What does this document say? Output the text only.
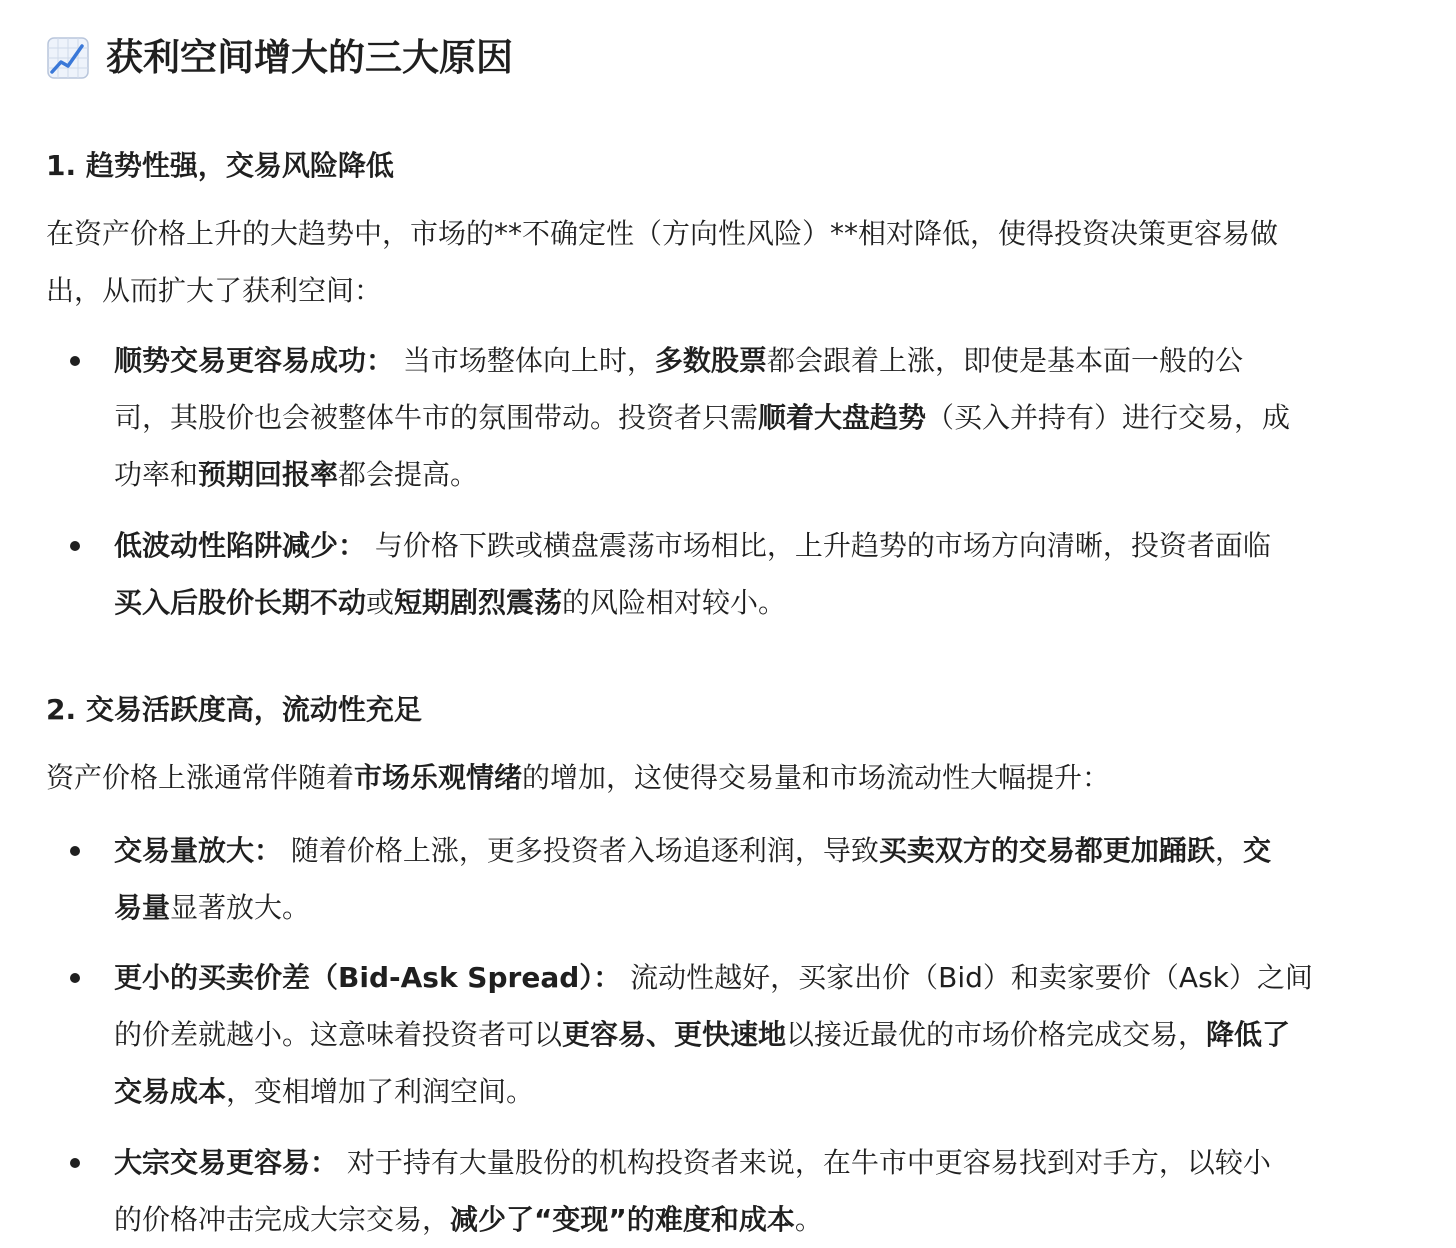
获利空间增大的三大原因
1. 趋势性强，交易风险降低
在资产价格上升的大趋势中，市场的**不确定性（方向性风险）**相对降低，使得投资决策更容易做
出，从而扩大了获利空间：
顺势交易更容易成功： 当市场整体向上时，多数股票都会跟着上涨，即使是基本面一般的公
司，其股价也会被整体牛市的氛围带动。投资者只需顺着大盘趋势（买入并持有）进行交易，成
功率和预期回报率都会提高。
低波动性陷阱减少： 与价格下跌或横盘震荡市场相比，上升趋势的市场方向清晰，投资者面临
买入后股价长期不动或短期剧烈震荡的风险相对较小。
2. 交易活跃度高，流动性充足
资产价格上涨通常伴随着市场乐观情绪的增加，这使得交易量和市场流动性大幅提升：
交易量放大： 随着价格上涨，更多投资者入场追逐利润，导致买卖双方的交易都更加踊跃，交
易量显著放大。
更小的买卖价差（Bid-Ask Spread）： 流动性越好，买家出价（Bid）和卖家要价（Ask）之间
的价差就越小。这意味着投资者可以更容易、更快速地以接近最优的市场价格完成交易，降低了
交易成本，变相增加了利润空间。
大宗交易更容易： 对于持有大量股份的机构投资者来说，在牛市中更容易找到对手方，以较小
的价格冲击完成大宗交易，减少了“变现”的难度和成本。
